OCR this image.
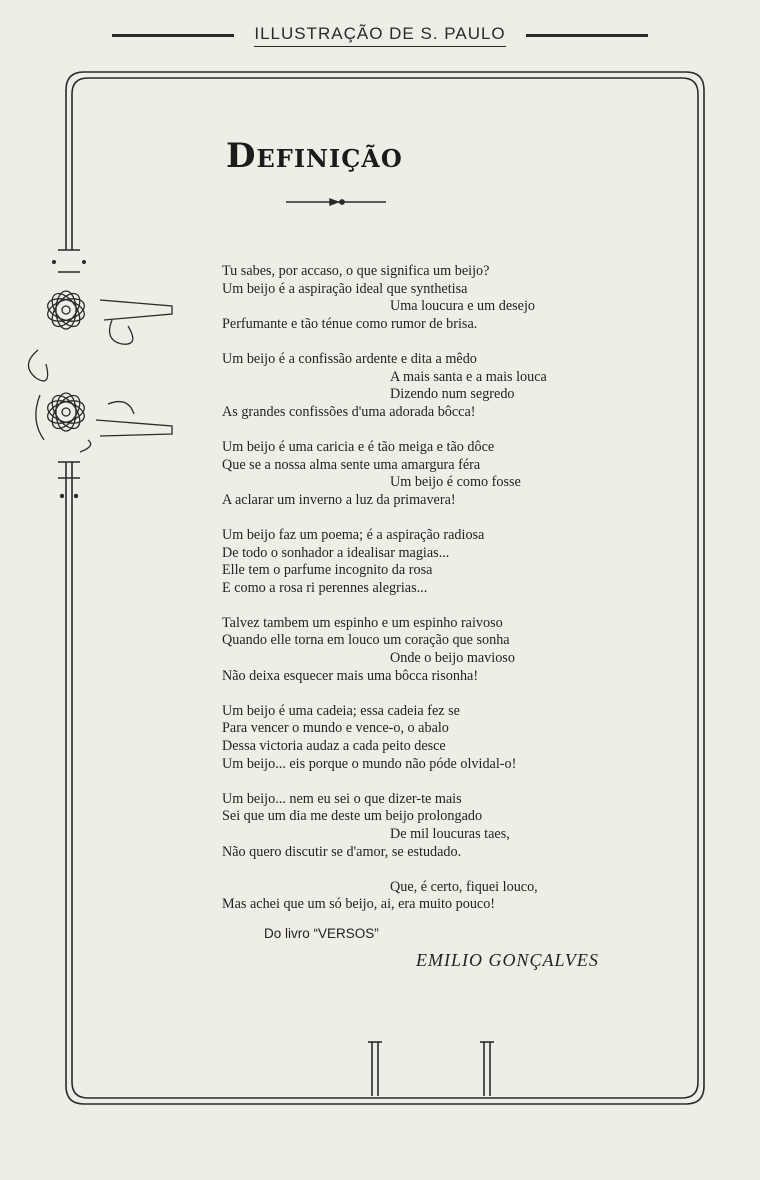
ILLUSTRAÇÃO DE S. PAULO
Definição
Tu sabes, por accaso, o que significa um beijo?
Um beijo é a aspiração ideal que synthetisa
Uma loucura e um desejo
Perfumante e tão ténue como rumor de brisa.
Um beijo é a confissão ardente e dita a mêdo
A mais santa e a mais louca
Dizendo num segredo
As grandes confissões d'uma adorada bôcca!
Um beijo é uma caricia e é tão meiga e tão dôce
Que se a nossa alma sente uma amargura féra
Um beijo é como fosse
A aclarar um inverno a luz da primavera!
Um beijo faz um poema; é a aspiração radiosa
De todo o sonhador a idealisar magias...
Elle tem o parfume incognito da rosa
E como a rosa ri perennes alegrias...
Talvez tambem um espinho e um espinho raivoso
Quando elle torna em louco um coração que sonha
Onde o beijo mavioso
Não deixa esquecer mais uma bôcca risonha!
Um beijo é uma cadeia; essa cadeia fez se
Para vencer o mundo e vence-o, o abalo
Dessa victoria audaz a cada peito desce
Um beijo... eis porque o mundo não póde olvidal-o!
Um beijo... nem eu sei o que dizer-te mais
Sei que um dia me deste um beijo prolongado
De mil loucuras taes,
Não quero discutir se d'amor, se estudado.
Que, é certo, fiquei louco,
Mas achei que um só beijo, ai, era muito pouco!
Do livro “VERSOS”
EMILIO GONÇALVES
